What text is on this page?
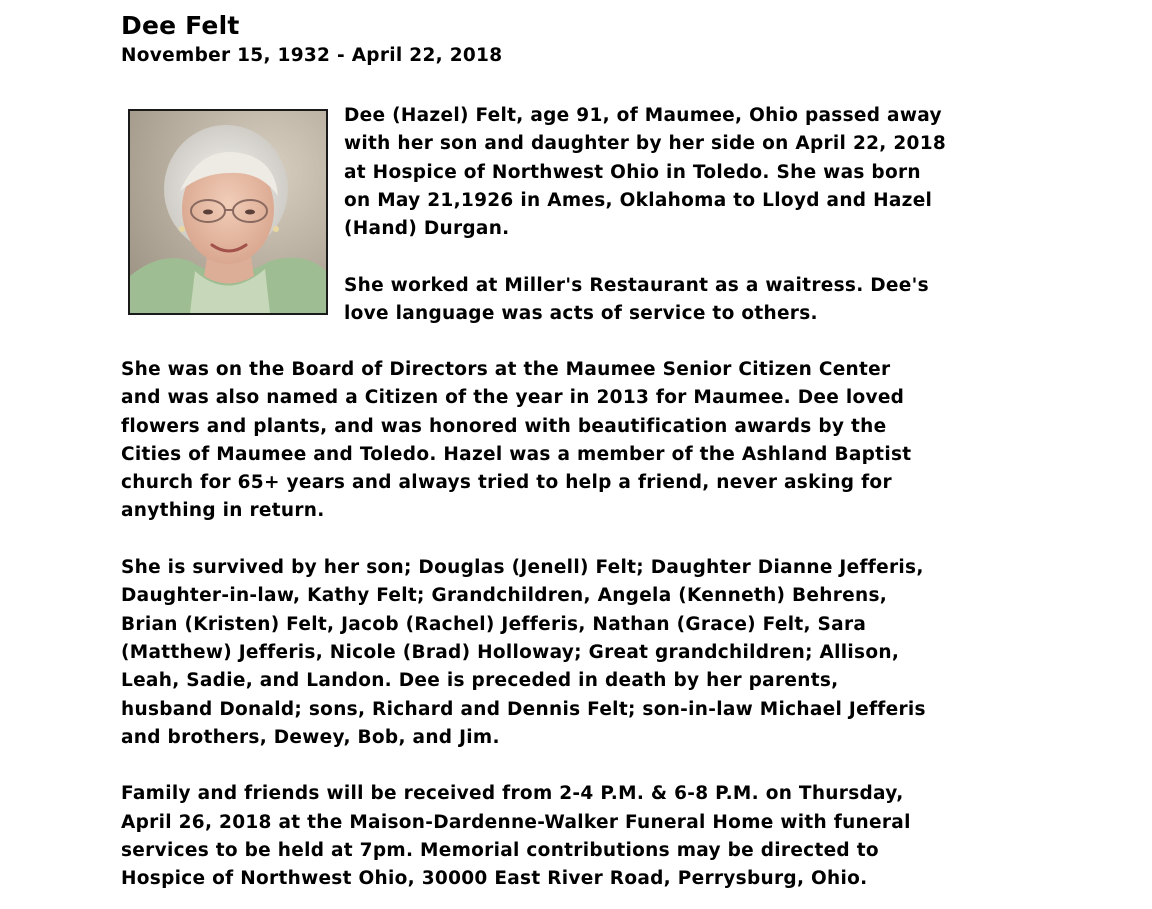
Dee Felt
November 15, 1932 - April 22, 2018

Dee (Hazel) Felt, age 91, of Maumee, Ohio passed away
with her son and daughter by her side on April 22, 2018
at Hospice of Northwest Ohio in Toledo. She was born
on May 21,1926 in Ames, Oklahoma to Lloyd and Hazel
(Hand) Durgan.

She worked at Miller's Restaurant as a waitress. Dee's
love language was acts of service to others.

She was on the Board of Directors at the Maumee Senior Citizen Center
and was also named a Citizen of the year in 2013 for Maumee. Dee loved
flowers and plants, and was honored with beautification awards by the
Cities of Maumee and Toledo. Hazel was a member of the Ashland Baptist
church for 65+ years and always tried to help a friend, never asking for
anything in return.

She is survived by her son; Douglas (Jenell) Felt; Daughter Dianne Jefferis,
Daughter-in-law, Kathy Felt; Grandchildren, Angela (Kenneth) Behrens,
Brian (Kristen) Felt, Jacob (Rachel) Jefferis, Nathan (Grace) Felt, Sara
(Matthew) Jefferis, Nicole (Brad) Holloway; Great grandchildren; Allison,
Leah, Sadie, and Landon. Dee is preceded in death by her parents,
husband Donald; sons, Richard and Dennis Felt; son-in-law Michael Jefferis
and brothers, Dewey, Bob, and Jim.

Family and friends will be received from 2-4 P.M. & 6-8 P.M. on Thursday,
April 26, 2018 at the Maison-Dardenne-Walker Funeral Home with funeral
services to be held at 7pm. Memorial contributions may be directed to
Hospice of Northwest Ohio, 30000 East River Road, Perrysburg, Ohio.
